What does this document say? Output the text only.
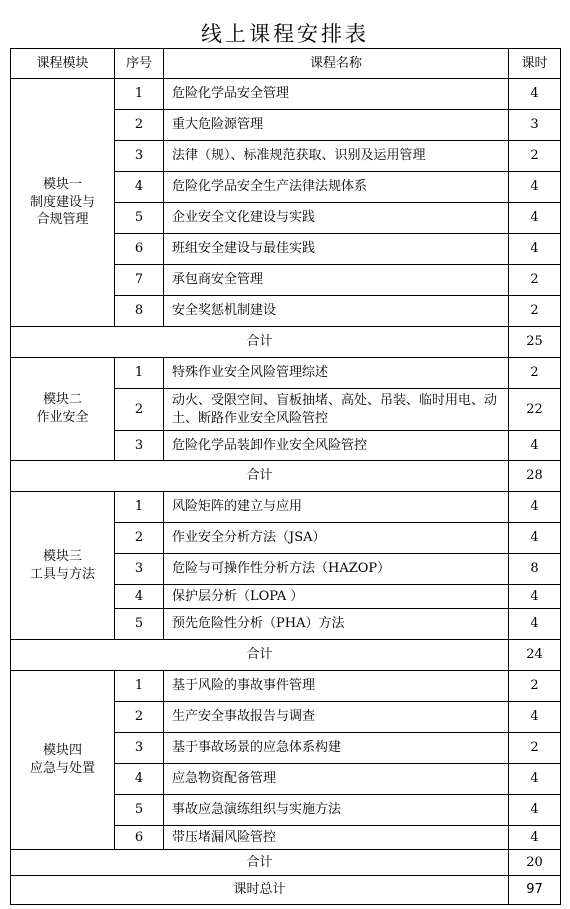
线上课程安排表
课程模块	序号	课程名称	课时

模块一
制度建设与
合规管理	1	危险化学品安全管理	4
	2	重大危险源管理	3
	3	法律（规）、标准规范获取、识别及运用管理	2
	4	危险化学品安全生产法律法规体系	4
	5	企业安全文化建设与实践	4
	6	班组安全建设与最佳实践	4
	7	承包商安全管理	2
	8	安全奖惩机制建设	2
合计			25

模块二
作业安全	1	特殊作业安全风险管理综述	2
	2	动火、受限空间、盲板抽堵、高处、吊装、临时用电、动土、断路作业安全风险管控	22
	3	危险化学品装卸作业安全风险管控	4
合计			28

模块三
工具与方法	1	风险矩阵的建立与应用	4
	2	作业安全分析方法（JSA）	4
	3	危险与可操作性分析方法（HAZOP）	8
	4	保护层分析（LOPA ）	4
	5	预先危险性分析（PHA）方法	4
合计			24

模块四
应急与处置	1	基于风险的事故事件管理	2
	2	生产安全事故报告与调查	4
	3	基于事故场景的应急体系构建	2
	4	应急物资配备管理	4
	5	事故应急演练组织与实施方法	4
	6	带压堵漏风险管控	4
合计			20
课时总计			97
